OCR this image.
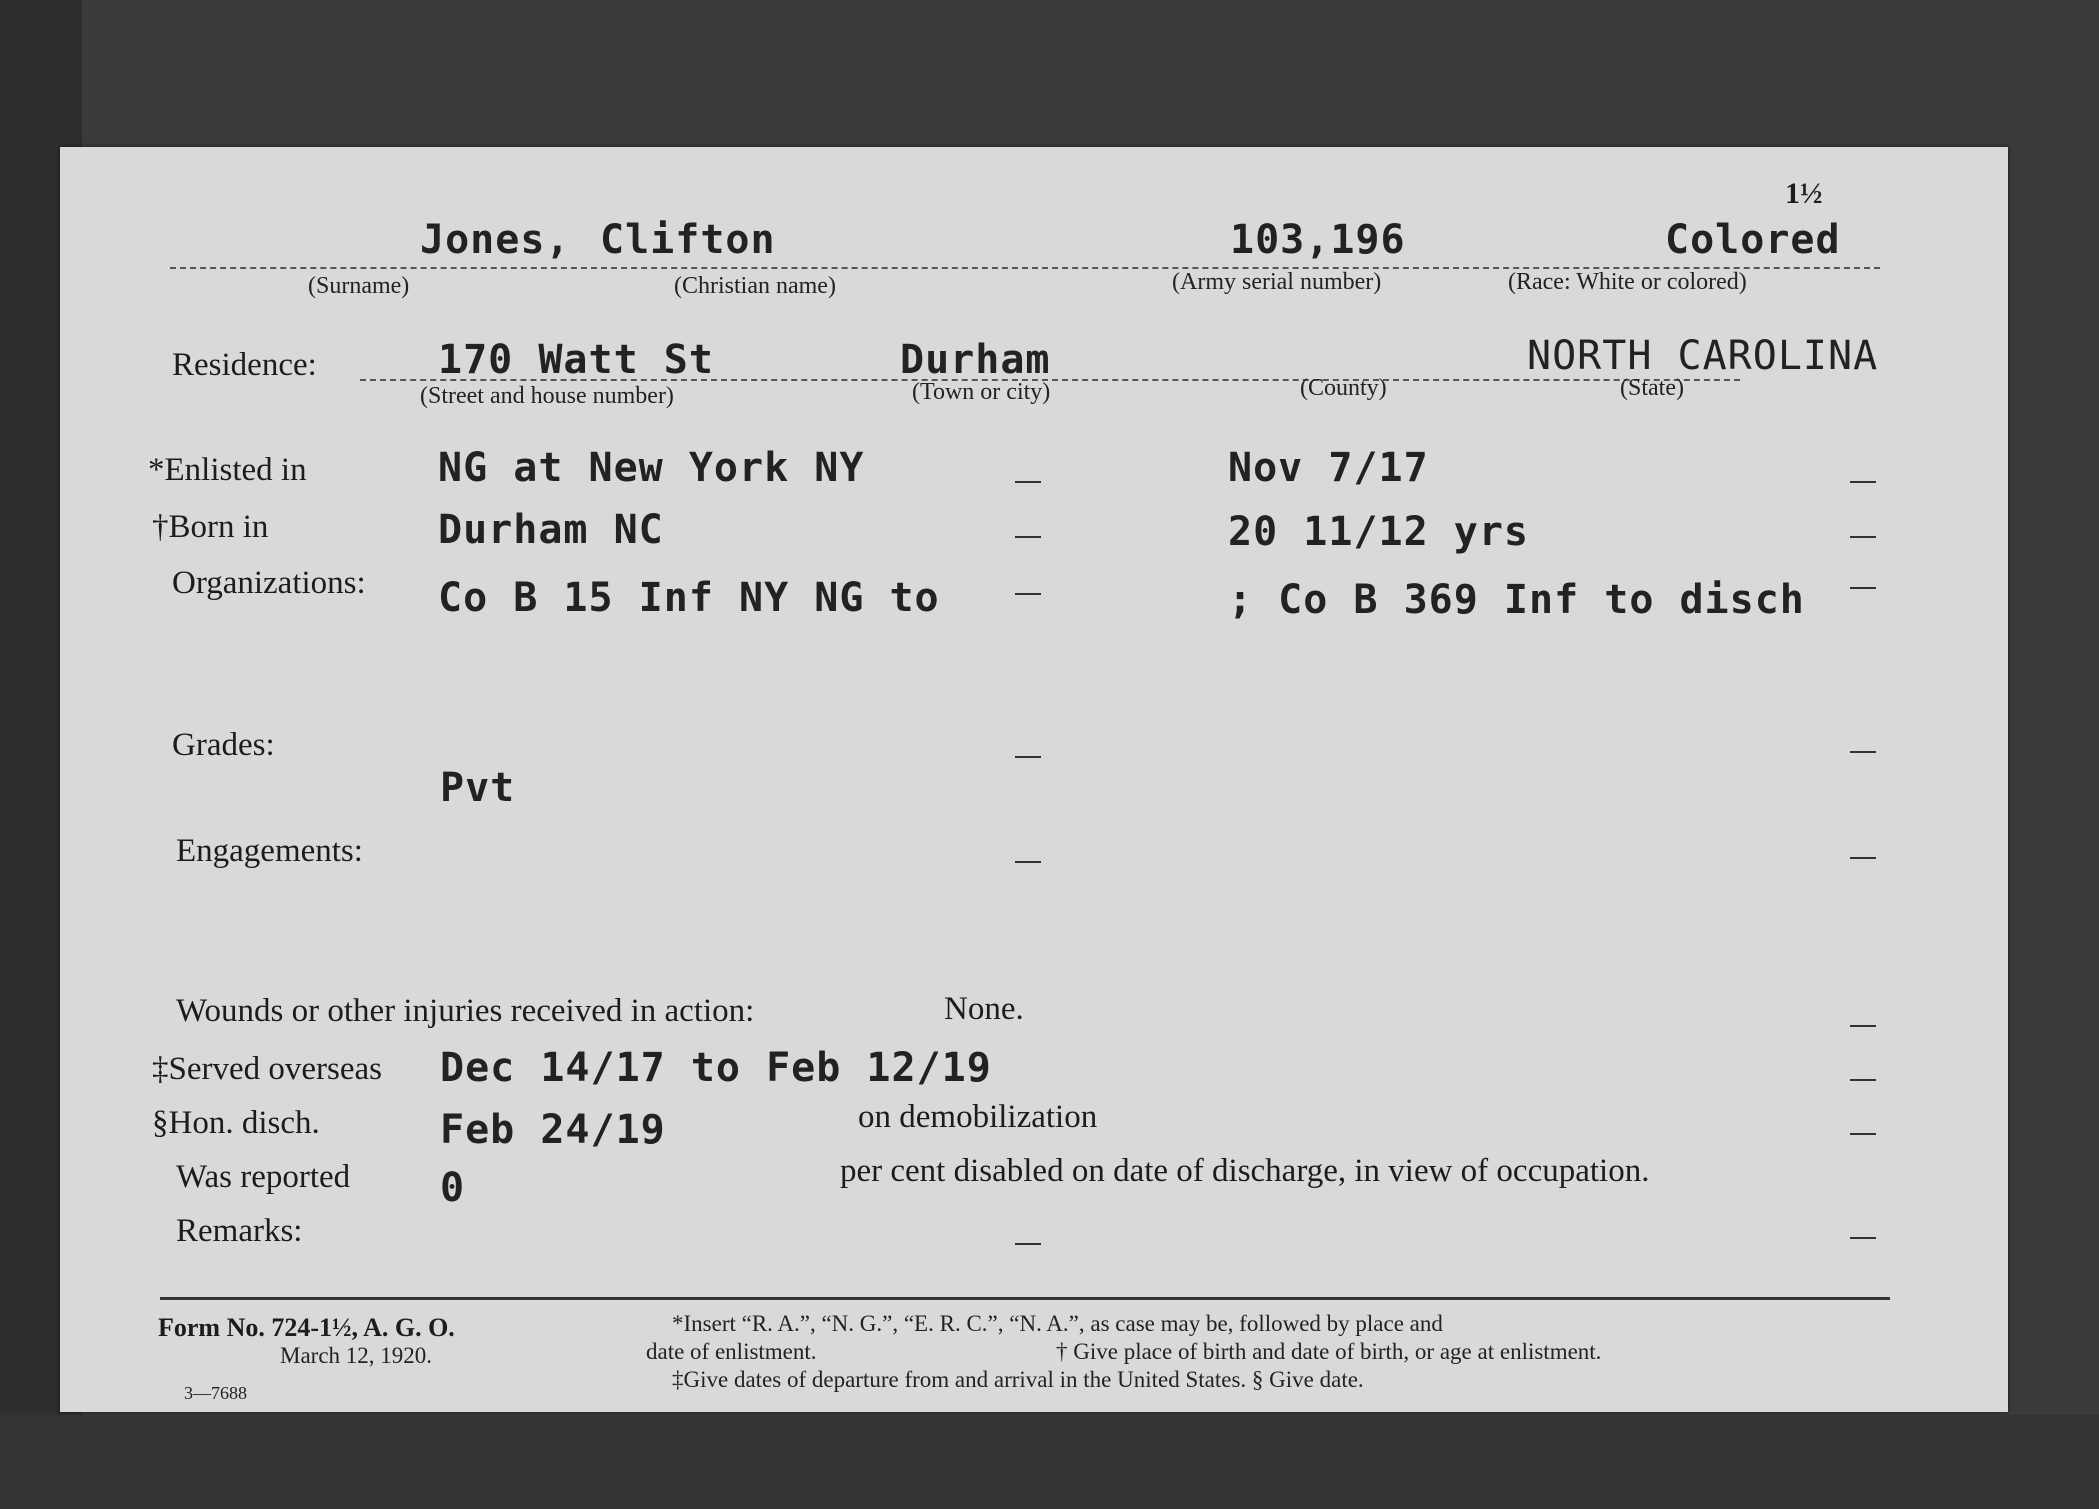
1½
Jones, Clifton	103,196	Colored
(Surname)	(Christian name)	(Army serial number)	(Race: White or colored)
Residence:	170 Watt St	Durham	NORTH CAROLINA
(Street and house number)	(Town or city)	(County)	(State)
*Enlisted in	NG at New York NY	Nov 7/17
†Born in	Durham NC	20 11/12 yrs
Organizations: Co B 15 Inf NY NG to	; Co B 369 Inf to disch
Grades:
Pvt
Engagements:
Wounds or other injuries received in action:	None.
‡Served overseas Dec 14/17 to Feb 12/19
§Hon. disch.	Feb 24/19	on demobilization
Was reported 0	per cent disabled on date of discharge, in view of occupation.
Remarks:
Form No. 724-1½, A. G. O.
March 12, 1920.
3—7688
*Insert “R. A.”, “N. G.”, “E. R. C.”, “N. A.”, as case may be, followed by place and
date of enlistment.	† Give place of birth and date of birth, or age at enlistment.
‡Give dates of departure from and arrival in the United States. § Give date.
